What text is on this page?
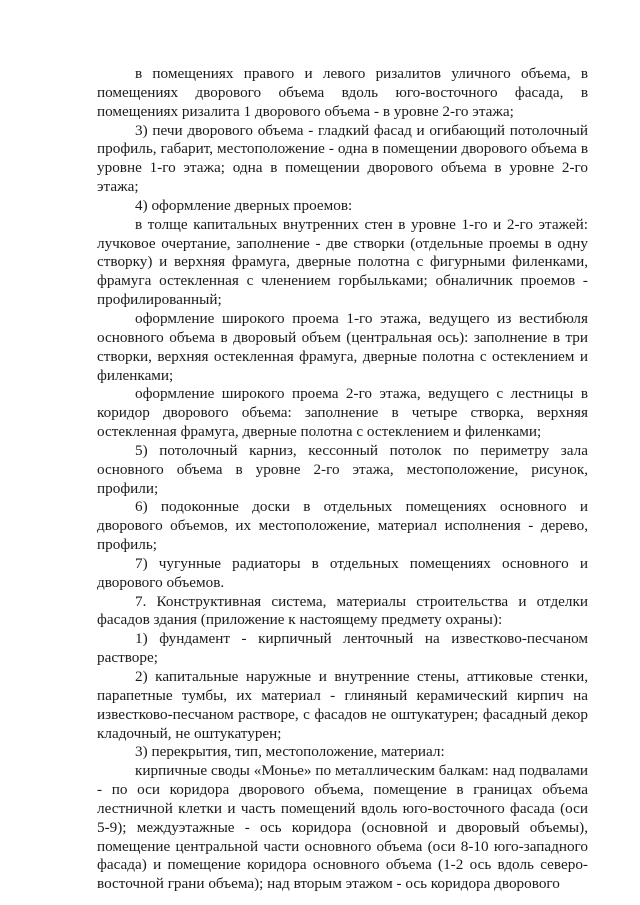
в помещениях правого и левого ризалитов уличного объема, в помещениях дворового объема вдоль юго-восточного фасада, в помещениях ризалита 1 дворового объема - в уровне 2-го этажа;

3) печи дворового объема - гладкий фасад и огибающий потолочный профиль, габарит, местоположение - одна в помещении дворового объема в уровне 1-го этажа; одна в помещении дворового объема в уровне 2-го этажа;

4) оформление дверных проемов:

в толще капитальных внутренних стен в уровне 1-го и 2-го этажей: лучковое очертание, заполнение - две створки (отдельные проемы в одну створку) и верхняя фрамуга, дверные полотна с фигурными филенками, фрамуга остекленная с членением горбыльками; обналичник проемов - профилированный;

оформление широкого проема 1-го этажа, ведущего из вестибюля основного объема в дворовый объем (центральная ось): заполнение в три створки, верхняя остекленная фрамуга, дверные полотна с остеклением и филенками;

оформление широкого проема 2-го этажа, ведущего с лестницы в коридор дворового объема: заполнение в четыре створка, верхняя остекленная фрамуга, дверные полотна с остеклением и филенками;

5) потолочный карниз, кессонный потолок по периметру зала основного объема в уровне 2-го этажа, местоположение, рисунок, профили;

6) подоконные доски в отдельных помещениях основного и дворового объемов, их местоположение, материал исполнения - дерево, профиль;

7) чугунные радиаторы в отдельных помещениях основного и дворового объемов.

7. Конструктивная система, материалы строительства и отделки фасадов здания (приложение к настоящему предмету охраны):

1) фундамент - кирпичный ленточный на известково-песчаном растворе;

2) капитальные наружные и внутренние стены, аттиковые стенки, парапетные тумбы, их материал - глиняный керамический кирпич на известково-песчаном растворе, с фасадов не оштукатурен; фасадный декор кладочный, не оштукатурен;

3) перекрытия, тип, местоположение, материал:

кирпичные своды «Монье» по металлическим балкам: над подвалами - по оси коридора дворового объема, помещение в границах объема лестничной клетки и часть помещений вдоль юго-восточного фасада (оси 5-9); междуэтажные - ось коридора (основной и дворовый объемы), помещение центральной части основного объема (оси 8-10 юго-западного фасада) и помещение коридора основного объема (1-2 ось вдоль северо-восточной грани объема); над вторым этажом - ось коридора дворового
